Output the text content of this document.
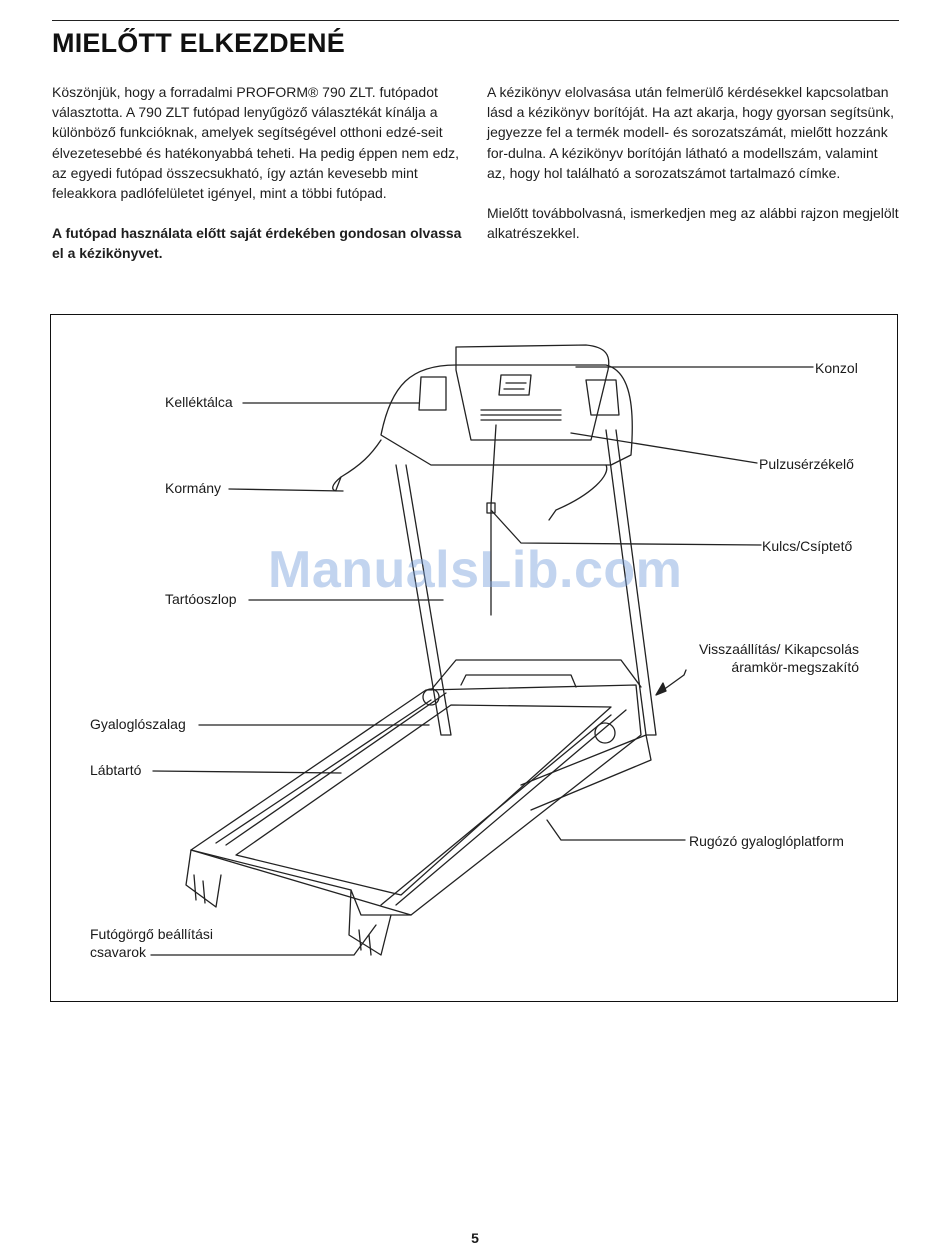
MIELŐTT ELKEZDENÉ

Köszönjük, hogy a forradalmi PROFORM® 790 ZLT. futópadot választotta. A 790 ZLT futópad lenyűgöző választékát kínálja a különböző funkcióknak, amelyek segítségével otthoni edzé-seit élvezetesebbé és hatékonyabbá teheti. Ha pedig éppen nem edz, az egyedi futópad összecsukható, így aztán kevesebb mint feleakkora padlófelületet igényel, mint a többi futópad.

A futópad használata előtt saját érdekében gondosan olvassa el a kézikönyvet.

A kézikönyv elolvasása után felmerülő kérdésekkel kapcsolatban lásd a kézikönyv borítóját. Ha azt akarja, hogy gyorsan segítsünk, jegyezze fel a termék modell- és sorozatszámát, mielőtt hozzánk for-dulna. A kézikönyv borítóján látható a modellszám, valamint az, hogy hol található a sorozatszámot tartalmazó címke.

Mielőtt továbbolvasná, ismerkedjen meg az alábbi rajzon megjelölt alkatrészekkel.

Kelléktálca
Kormány
Tartóoszlop
Gyaloglószalag
Lábtartó
Futógörgő beállítási
csavarok
Konzol
Pulzusérzékelő
Kulcs/Csíptető
Visszaállítás/ Kikapcsolás
áramkör-megszakító
Rugózó gyaloglóplatform
ManualsLib.com
5
